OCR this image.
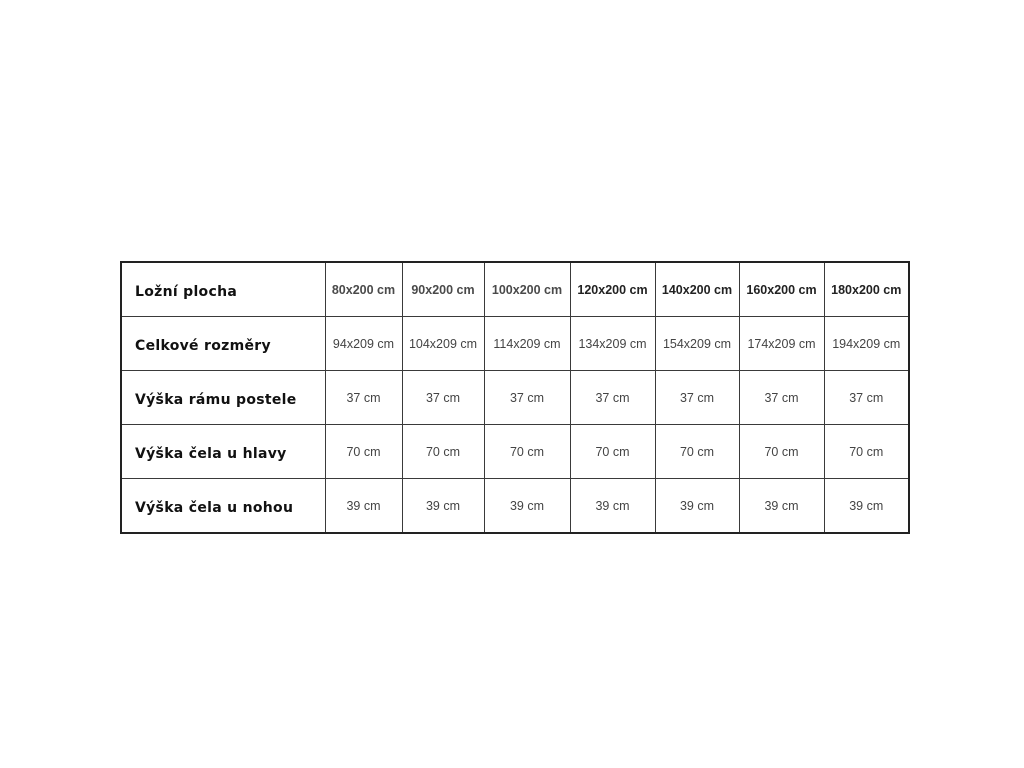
Ložní plocha	80x200 cm	90x200 cm	100x200 cm	120x200 cm	140x200 cm	160x200 cm	180x200 cm
Celkové rozměry	94x209 cm	104x209 cm	114x209 cm	134x209 cm	154x209 cm	174x209 cm	194x209 cm
Výška rámu postele	37 cm	37 cm	37 cm	37 cm	37 cm	37 cm	37 cm
Výška čela u hlavy	70 cm	70 cm	70 cm	70 cm	70 cm	70 cm	70 cm
Výška čela u nohou	39 cm	39 cm	39 cm	39 cm	39 cm	39 cm	39 cm
